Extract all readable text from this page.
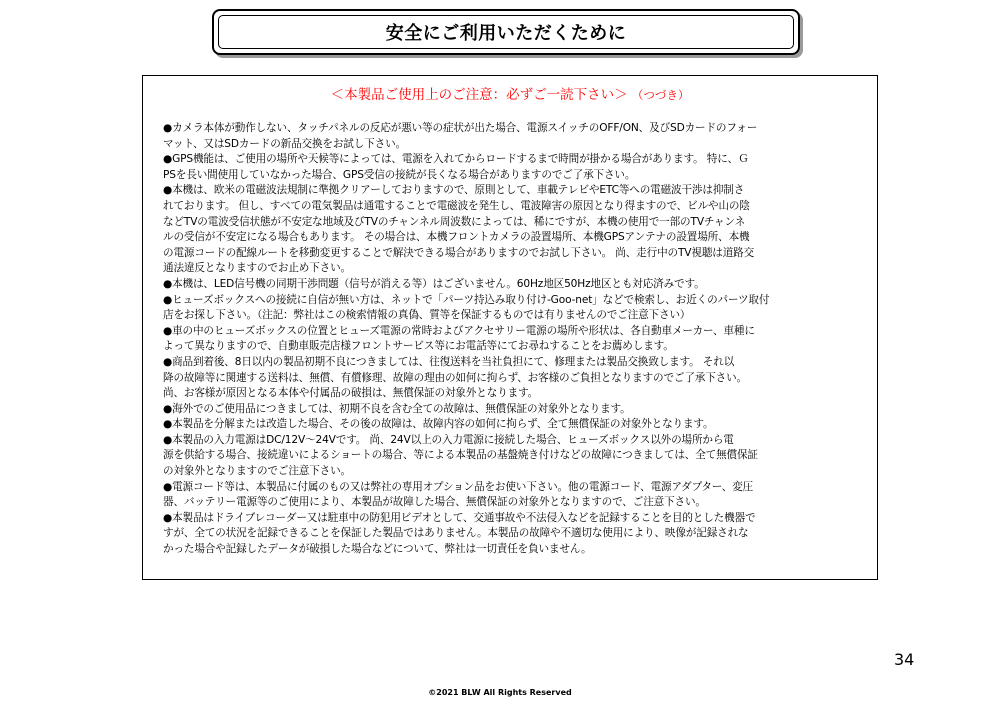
安全にご利用いただくために
＜本製品ご使用上のご注意：必ずご一読下さい＞ （つづき）
●カメラ本体が動作しない、タッチパネルの反応が悪い等の症状が出た場合、電源スイッチのOFF/ON、及びSDカードのフォー
マット、又はSDカードの新品交換をお試し下さい。
●GPS機能は、ご使用の場所や天候等によっては、電源を入れてからロードするまで時間が掛かる場合があります。 特に、Ｇ
PSを長い間使用していなかった場合、GPS受信の接続が長くなる場合がありますのでご了承下さい。
●本機は、欧米の電磁波法規制に準拠クリアーしておりますので、原則として、車載テレビやETC等への電磁波干渉は抑制さ
れております。 但し、すべての電気製品は通電することで電磁波を発生し、電波障害の原因となり得ますので、ビルや山の陰
などTVの電波受信状態が不安定な地域及びTVのチャンネル周波数によっては、稀にですが、本機の使用で一部のTVチャンネ
ルの受信が不安定になる場合もあります。 その場合は、本機フロントカメラの設置場所、本機GPSアンテナの設置場所、本機
の電源コードの配線ルートを移動変更することで解決できる場合がありますのでお試し下さい。 尚、走行中のTV視聴は道路交
通法違反となりますのでお止め下さい。
●本機は、LED信号機の同期干渉問題（信号が消える等）はございません。60Hz地区50Hz地区とも対応済みです。
●ヒューズボックスへの接続に自信が無い方は、ネットで「パーツ持込み取り付け-Goo-net」などで検索し、お近くのパーツ取付
店をお探し下さい。（注記：弊社はこの検索情報の真偽、質等を保証するものでは有りませんのでご注意下さい）
●車の中のヒューズボックスの位置とヒューズ電源の常時およびアクセサリー電源の場所や形状は、各自動車メーカー、車種に
よって異なりますので、自動車販売店様フロントサービス等にお電話等にてお尋ねすることをお薦めします。
●商品到着後、8日以内の製品初期不良につきましては、往復送料を当社負担にて、修理または製品交換致します。 それ以
降の故障等に関連する送料は、無償、有償修理、故障の理由の如何に拘らず、お客様のご負担となりますのでご了承下さい。
尚、お客様が原因となる本体や付属品の破損は、無償保証の対象外となります。
●海外でのご使用品につきましては、初期不良を含む全ての故障は、無償保証の対象外となります。
●本製品を分解または改造した場合、その後の故障は、故障内容の如何に拘らず、全て無償保証の対象外となります。
●本製品の入力電源はDC/12V～24Vです。 尚、24V以上の入力電源に接続した場合、ヒューズボックス以外の場所から電
源を供給する場合、接続違いによるショートの場合、等による本製品の基盤焼き付けなどの故障につきましては、全て無償保証
の対象外となりますのでご注意下さい。
●電源コード等は、本製品に付属のもの又は弊社の専用オプション品をお使い下さい。他の電源コード、電源アダプター、変圧
器、バッテリー電源等のご使用により、本製品が故障した場合、無償保証の対象外となりますので、ご注意下さい。
●本製品はドライブレコーダー又は駐車中の防犯用ビデオとして、交通事故や不法侵入などを記録することを目的とした機器で
すが、全ての状況を記録できることを保証した製品ではありません。本製品の故障や不適切な使用により、映像が記録されな
かった場合や記録したデータが破損した場合などについて、弊社は一切責任を負いません。
34
©2021 BLW All Rights Reserved
